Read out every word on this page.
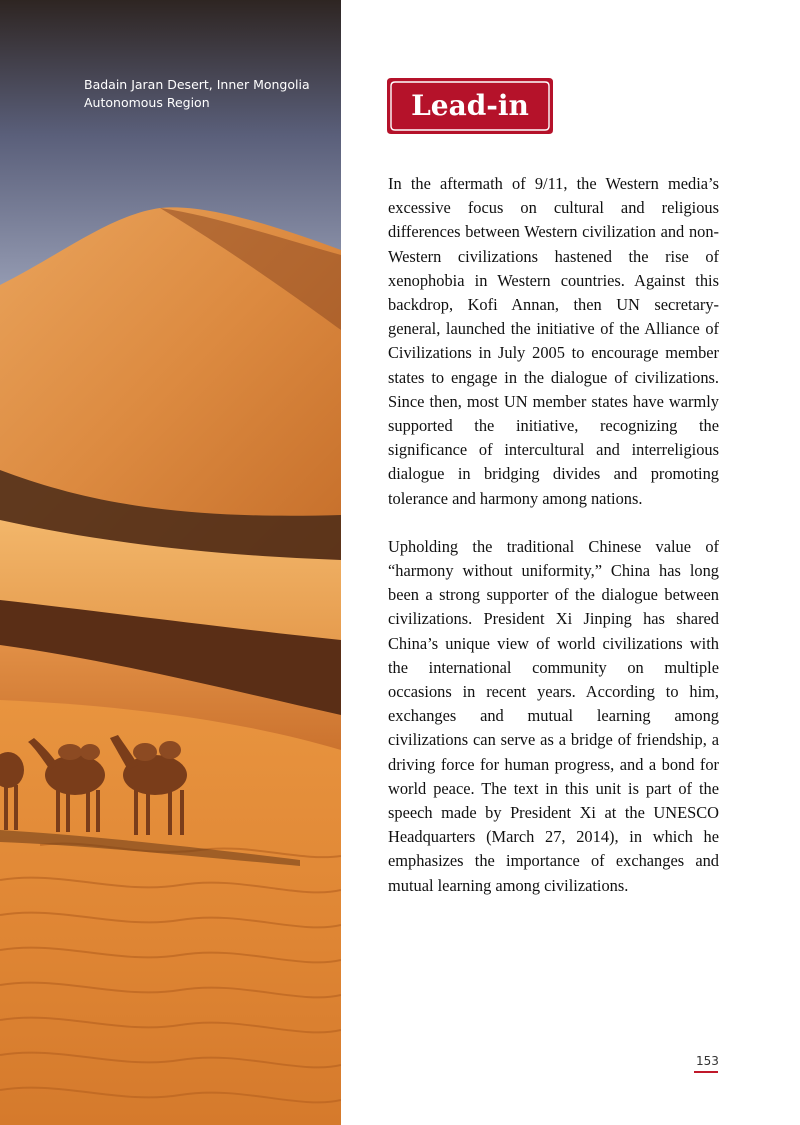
Badain Jaran Desert, Inner Mongolia Autonomous Region	Lead-in

In the aftermath of 9/11, the Western media’s excessive focus on cultural and religious differences between Western civilization and non-Western civilizations hastened the rise of xenophobia in Western countries. Against this backdrop, Kofi Annan, then UN secretary-general, launched the initiative of the Alliance of Civilizations in July 2005 to encourage member states to engage in the dialogue of civilizations. Since then, most UN member states have warmly supported the initiative, recognizing the significance of intercultural and interreligious dialogue in bridging divides and promoting tolerance and harmony among nations.

Upholding the traditional Chinese value of “harmony without uniformity,” China has long been a strong supporter of the dialogue between civilizations. President Xi Jinping has shared China’s unique view of world civilizations with the international community on multiple occasions in recent years. According to him, exchanges and mutual learning among civilizations can serve as a bridge of friendship, a driving force for human progress, and a bond for world peace. The text in this unit is part of the speech made by President Xi at the UNESCO Headquarters (March 27, 2014), in which he emphasizes the importance of exchanges and mutual learning among civilizations.

153
